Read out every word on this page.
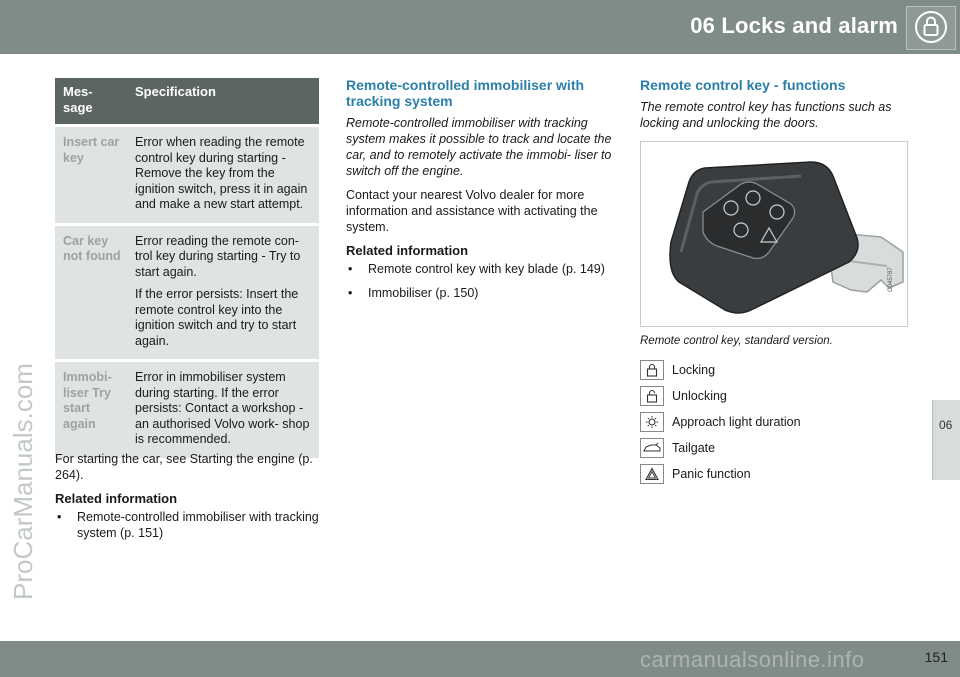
06 Locks and alarm
06
ProCarManuals.com
Mes-
sage	Specification
Insert car key	Error when reading the remote control key during starting - Remove the key from the ignition switch, press it in again and make a new start attempt.

Car key not found	Error reading the remote con- trol key during starting - Try to start again.

If the error persists: Insert the remote control key into the ignition switch and try to start again.

Immobi- liser Try start again	Error in immobiliser system during starting. If the error persists: Contact a workshop - an authorised Volvo work- shop is recommended.

For starting the car, see Starting the engine (p. 264).

Related information
• Remote-controlled immobiliser with tracking system (p. 151)
Remote-controlled immobiliser with tracking system

Remote-controlled immobiliser with tracking system makes it possible to track and locate the car, and to remotely activate the immobi- liser to switch off the engine.

Contact your nearest Volvo dealer for more information and assistance with activating the system.

Related information
• Remote control key with key blade (p. 149)
• Immobiliser (p. 150)
Remote control key - functions

The remote control key has functions such as locking and unlocking the doors.

G045787
Remote control key, standard version.
Locking
Unlocking
Approach light duration
Tailgate
Panic function
carmanualsonline.info	151
